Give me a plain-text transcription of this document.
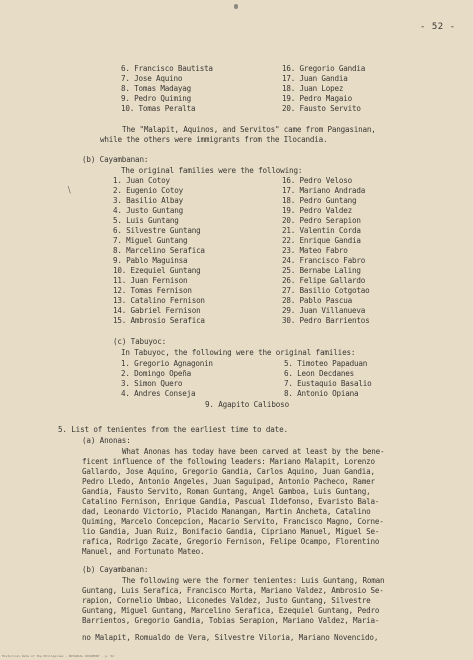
- 52 -
6. Francisco Bautista
7. Jose Aquino
8. Tomas Madayag
9. Pedro Quiming
10. Tomas Peralta
16. Gregorio Gandia
17. Juan Gandia
18. Juan Lopez
19. Pedro Magaio
20. Fausto Servito
The "Malapit, Aquinos, and Servitos" came from Pangasinan,
while the others were immigrants from the Ilocandia.
(b) Cayambanan:
The original families were the following:
1. Juan Cotoy
2. Eugenio Cotoy
3. Basilio Albay
4. Justo Guntang
5. Luis Guntang
6. Silvestre Guntang
7. Miguel Guntang
8. Marcelino Serafica
9. Pablo Maguinsa
10. Ezequiel Guntang
11. Juan Fernison
12. Tomas Fernison
13. Catalino Fernison
14. Gabriel Fernison
15. Ambrosio Serafica
16. Pedro Veloso
17. Mariano Andrada
18. Pedro Guntang
19. Pedro Valdez
20. Pedro Serapion
21. Valentin Corda
22. Enrique Gandia
23. Mateo Fabro
24. Francisco Fabro
25. Bernabe Laling
26. Felipe Gallardo
27. Basilio Cotgotao
28. Pablo Pascua
29. Juan Villanueva
30. Pedro Barrientos
∖
(c) Tabuyoc:
In Tabuyoc, the following were the original families:
1. Gregorio Agnagonin
2. Domingo Opeña
3. Simon Quero
4. Andres Conseja
5. Timoteo Papaduan
6. Leon Decdanes
7. Eustaquio Basalio
8. Antonio Opiana
9. Agapito Caliboso
5. List of tenientes from the earliest time to date.
(a) Anonas:
What Anonas has today have been carved at least by the bene-
ficent influence of the following leaders: Mariano Malapit, Lorenzo
Gallardo, Jose Aquino, Gregorio Gandia, Carlos Aquino, Juan Gandia,
Pedro Lledo, Antonio Angeles, Juan Saguipad, Antonio Pacheco, Ramer
Gandia, Fausto Servito, Roman Guntang, Angel Gamboa, Luis Guntang,
Catalino Fernison, Enrique Gandia, Pascual Ildefonso, Evaristo Bala-
dad, Leonardo Victorio, Placido Manangan, Martin Ancheta, Catalino
Quiming, Marcelo Concepcion, Macario Servito, Francisco Magno, Corne-
lio Gandia, Juan Ruiz, Bonifacio Gandia, Cipriano Manuel, Miguel Se-
rafica, Rodrigo Zacate, Gregorio Fernison, Felipe Ocampo, Florentino
Manuel, and Fortunato Mateo.
(b) Cayambanan:
The following were the former tenientes: Luis Guntang, Roman
Guntang, Luis Serafica, Francisco Morta, Mariano Valdez, Ambrosio Se-
rapion, Cornelio Umbao, Liconedes Valdez, Justo Guntang, Silvestre
Guntang, Miguel Guntang, Marcelino Serafica, Ezequiel Guntang, Pedro
Barrientos, Gregorio Gandia, Tobias Serapion, Mariano Valdez, Maria-
no Malapit, Romualdo de Vera, Silvestre Viloria, Mariano Novencido,
Historical Data of the Philippines · NOTARIAL DOCUMENT · p. 52
